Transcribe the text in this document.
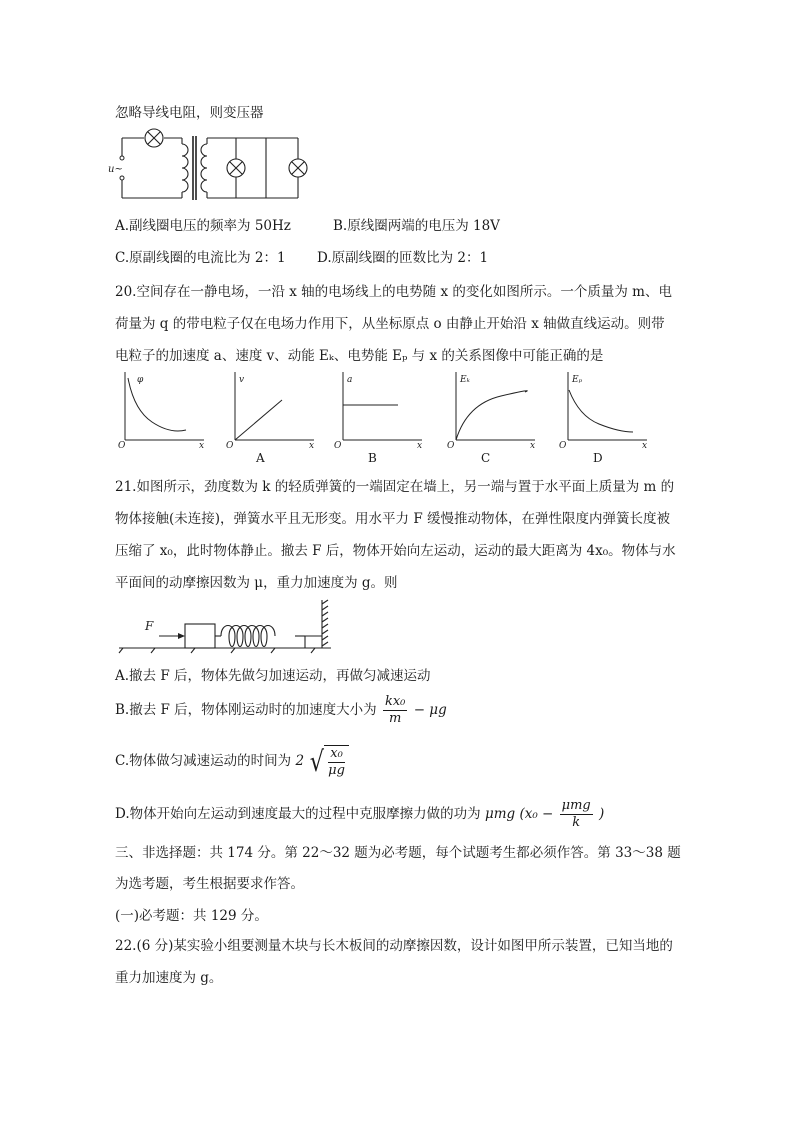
忽略导线电阻，则变压器
u~
A.副线圈电压的频率为 50Hz	B.原线圈两端的电压为 18V
C.原副线圈的电流比为 2：1 D.原副线圈的匝数比为 2：1
20.空间存在一静电场，一沿 x 轴的电场线上的电势随 x 的变化如图所示。一个质量为 m、电
荷量为 q 的带电粒子仅在电场力作用下，从坐标原点 o 由静止开始沿 x 轴做直线运动。则带
电粒子的加速度 a、速度 v、动能 Eₖ、电势能 Eₚ 与 x 的关系图像中可能正确的是
φ
O	x
v
O	x
a
O	x
Eₖ
O	x
Eₚ
O	x
A	B	C	D
21.如图所示，劲度数为 k 的轻质弹簧的一端固定在墙上，另一端与置于水平面上质量为 m 的
物体接触(未连接)，弹簧水平且无形变。用水平力 F 缓慢推动物体，在弹性限度内弹簧长度被
压缩了 x₀，此时物体静止。撤去 F 后，物体开始向左运动，运动的最大距离为 4x₀。物体与水
平面间的动摩擦因数为 μ，重力加速度为 g。则
F
A.撤去 F 后，物体先做匀加速运动，再做匀减速运动
B.撤去 F 后，物体刚运动时的加速度大小为 $\frac{\text{kx₀}}{m} - \mu g$
C.物体做匀减速运动的时间为 2 √ $\frac{\text{x₀}}{\mu g}$
D.物体开始向左运动到速度最大的过程中克服摩擦力做的功为 μmg ($x_0 - \frac{\text{μmg}}{k}$ )
三、非选择题：共 174 分。第 22～32 题为必考题，每个试题考生都必须作答。第 33～38 题
为选考题，考生根据要求作答。
(一)必考题：共 129 分。
22.(6 分)某实验小组要测量木块与长木板间的动摩擦因数，设计如图甲所示装置，已知当地的
重力加速度为 g。
